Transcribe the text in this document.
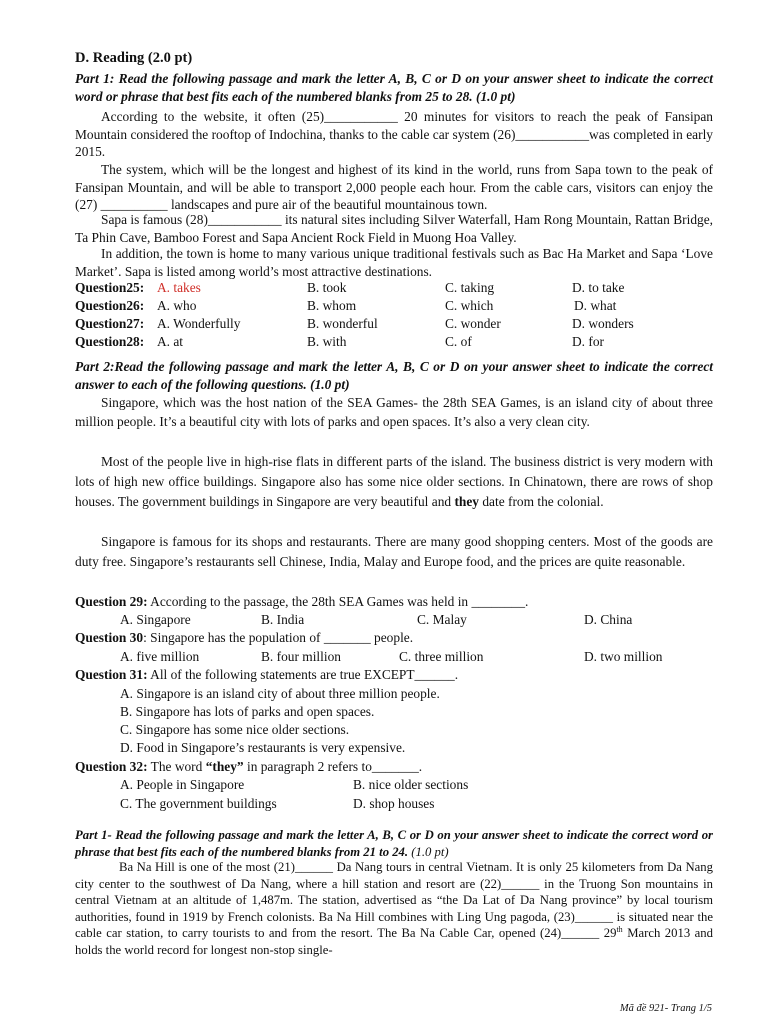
D. Reading (2.0 pt)
Part 1: Read the following passage and mark the letter A, B, C or D on your answer sheet to indicate the correct word or phrase that best fits each of the numbered blanks from 25 to 28. (1.0 pt)
According to the website, it often (25)___________ 20 minutes for visitors to reach the peak of Fansipan Mountain considered the rooftop of Indochina, thanks to the cable car system (26)___________was completed in early 2015.
The system, which will be the longest and highest of its kind in the world, runs from Sapa town to the peak of Fansipan Mountain, and will be able to transport 2,000 people each hour. From the cable cars, visitors can enjoy the (27) __________ landscapes and pure air of the beautiful mountainous town.
Sapa is famous (28)___________ its natural sites including Silver Waterfall, Ham Rong Mountain, Rattan Bridge, Ta Phin Cave, Bamboo Forest and Sapa Ancient Rock Field in Muong Hoa Valley.
In addition, the town is home to many various unique traditional festivals such as Bac Ha Market and Sapa ‘Love Market’. Sapa is listed among world’s most attractive destinations.
Question25: A. takes	B. took	C. taking	D. to take
Question26: A. who	B. whom	C. which	D. what
Question27: A. Wonderfully	B. wonderful	C. wonder	D. wonders
Question28: A. at	B. with	C. of	D. for
Part 2:Read the following passage and mark the letter A, B, C or D on your answer sheet to indicate the correct answer to each of the following questions. (1.0 pt)
Singapore, which was the host nation of the SEA Games- the 28th SEA Games, is an island city of about three million people. It’s a beautiful city with lots of parks and open spaces. It’s also a very clean city.
Most of the people live in high-rise flats in different parts of the island. The business district is very modern with lots of high new office buildings. Singapore also has some nice older sections. In Chinatown, there are rows of shop houses. The government buildings in Singapore are very beautiful and they date from the colonial.
Singapore is famous for its shops and restaurants. There are many good shopping centers. Most of the goods are duty free. Singapore’s restaurants sell Chinese, India, Malay and Europe food, and the prices are quite reasonable.
Question 29: According to the passage, the 28th SEA Games was held in ________.
A. Singapore	B. India	C. Malay	D. China
Question 30: Singapore has the population of _______ people.
A. five million	B. four million	C. three million	D. two million
Question 31: All of the following statements are true EXCEPT______.
A. Singapore is an island city of about three million people.
B. Singapore has lots of parks and open spaces.
C. Singapore has some nice older sections.
D. Food in Singapore’s restaurants is very expensive.
Question 32: The word “they” in paragraph 2 refers to_______.
A. People in Singapore	B. nice older sections
C. The government buildings	D. shop houses
Part 1- Read the following passage and mark the letter A, B, C or D on your answer sheet to indicate the correct word or phrase that best fits each of the numbered blanks from 21 to 24. (1.0 pt)
Ba Na Hill is one of the most (21)______ Da Nang tours in central Vietnam. It is only 25 kilometers from Da Nang city center to the southwest of Da Nang, where a hill station and resort are (22)______ in the Truong Son mountains in central Vietnam at an altitude of 1,487m. The station, advertised as “the Da Lat of Da Nang province” by local tourism authorities, found in 1919 by French colonists. Ba Na Hill combines with Ling Ung pagoda, (23)______ is situated near the cable car station, to carry tourists to and from the resort. The Ba Na Cable Car, opened (24)______ 29th March 2013 and holds the world record for longest non-stop single-
Mã đề 921- Trang 1/5
